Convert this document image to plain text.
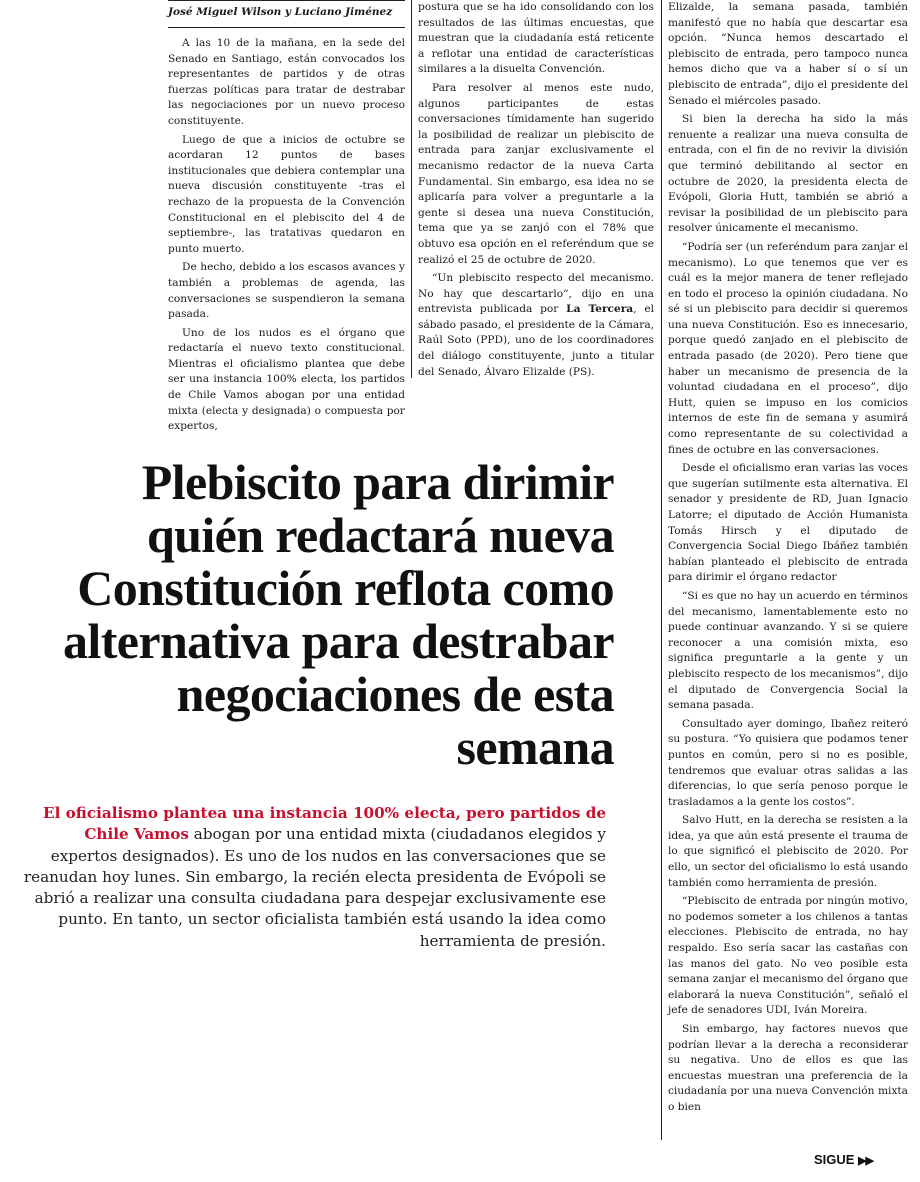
José Miguel Wilson y Luciano Jiménez

A las 10 de la mañana, en la sede del Senado en Santiago, están convocados los representantes de partidos y de otras fuerzas políticas para tratar de destrabar las negociaciones por un nuevo proceso constituyente.

Luego de que a inicios de octubre se acordaran 12 puntos de bases institucionales que debiera contemplar una nueva discusión constituyente -tras el rechazo de la propuesta de la Convención Constitucional en el plebiscito del 4 de septiembre-, las tratativas quedaron en punto muerto.

De hecho, debido a los escasos avances y también a problemas de agenda, las conversaciones se suspendieron la semana pasada.

Uno de los nudos es el órgano que redactaría el nuevo texto constitucional. Mientras el oficialismo plantea que debe ser una instancia 100% electa, los partidos de Chile Vamos abogan por una entidad mixta (electa y designada) o compuesta por expertos,

postura que se ha ido consolidando con los resultados de las últimas encuestas, que muestran que la ciudadanía está reticente a reflotar una entidad de características similares a la disuelta Convención.

Para resolver al menos este nudo, algunos participantes de estas conversaciones tímidamente han sugerido la posibilidad de realizar un plebiscito de entrada para zanjar exclusivamente el mecanismo redactor de la nueva Carta Fundamental. Sin embargo, esa idea no se aplicaría para volver a preguntarle a la gente si desea una nueva Constitución, tema que ya se zanjó con el 78% que obtuvo esa opción en el referéndum que se realizó el 25 de octubre de 2020.

“Un plebiscito respecto del mecanismo. No hay que descartarlo”, dijo en una entrevista publicada por La Tercera, el sábado pasado, el presidente de la Cámara, Raúl Soto (PPD), uno de los coordinadores del diálogo constituyente, junto a titular del Senado, Álvaro Elizalde (PS).

Elizalde, la semana pasada, también manifestó que no había que descartar esa opción. “Nunca hemos descartado el plebiscito de entrada, pero tampoco nunca hemos dicho que va a haber sí o sí un plebiscito de entrada”, dijo el presidente del Senado el miércoles pasado.

Si bien la derecha ha sido la más renuente a realizar una nueva consulta de entrada, con el fin de no revivir la división que terminó debilitando al sector en octubre de 2020, la presidenta electa de Evópoli, Gloria Hutt, también se abrió a revisar la posibilidad de un plebiscito para resolver únicamente el mecanismo.

“Podría ser (un referéndum para zanjar el mecanismo). Lo que tenemos que ver es cuál es la mejor manera de tener reflejado en todo el proceso la opinión ciudadana. No sé si un plebiscito para decidir si queremos una nueva Constitución. Eso es innecesario, porque quedó zanjado en el plebiscito de entrada pasado (de 2020). Pero tiene que haber un mecanismo de presencia de la voluntad ciudadana en el proceso”, dijo Hutt, quien se impuso en los comicios internos de este fin de semana y asumirá como representante de su colectividad a fines de octubre en las conversaciones.

Desde el oficialismo eran varias las voces que sugerían sutilmente esta alternativa. El senador y presidente de RD, Juan Ignacio Latorre; el diputado de Acción Humanista Tomás Hirsch y el diputado de Convergencia Social Diego Ibáñez también habían planteado el plebiscito de entrada para dirimir el órgano redactor

“Si es que no hay un acuerdo en términos del mecanismo, lamentablemente esto no puede continuar avanzando. Y si se quiere reconocer a una comisión mixta, eso significa preguntarle a la gente y un plebiscito respecto de los mecanismos”, dijo el diputado de Convergencia Social la semana pasada.

Consultado ayer domingo, Ibañez reiteró su postura. “Yo quisiera que podamos tener puntos en común, pero si no es posible, tendremos que evaluar otras salidas a las diferencias, lo que sería penoso porque le trasladamos a la gente los costos”.

Salvo Hutt, en la derecha se resisten a la idea, ya que aún está presente el trauma de lo que significó el plebiscito de 2020. Por ello, un sector del oficialismo lo está usando también como herramienta de presión.

“Plebiscito de entrada por ningún motivo, no podemos someter a los chilenos a tantas elecciones. Plebiscito de entrada, no hay respaldo. Eso sería sacar las castañas con las manos del gato. No veo posible esta semana zanjar el mecanismo del órgano que elaborará la nueva Constitución”, señaló el jefe de senadores UDI, Iván Moreira.

Sin embargo, hay factores nuevos que podrían llevar a la derecha a reconsiderar su negativa. Uno de ellos es que las encuestas muestran una preferencia de la ciudadanía por una nueva Convención mixta o bien

Plebiscito para dirimir quién redactará nueva Constitución reflota como alternativa para destrabar negociaciones de esta semana

El oficialismo plantea una instancia 100% electa, pero partidos de Chile Vamos abogan por una entidad mixta (ciudadanos elegidos y expertos designados). Es uno de los nudos en las conversaciones que se reanudan hoy lunes. Sin embargo, la recién electa presidenta de Evópoli se abrió a realizar una consulta ciudadana para despejar exclusivamente ese punto. En tanto, un sector oficialista también está usando la idea como herramienta de presión.

SIGUE ▶▶
